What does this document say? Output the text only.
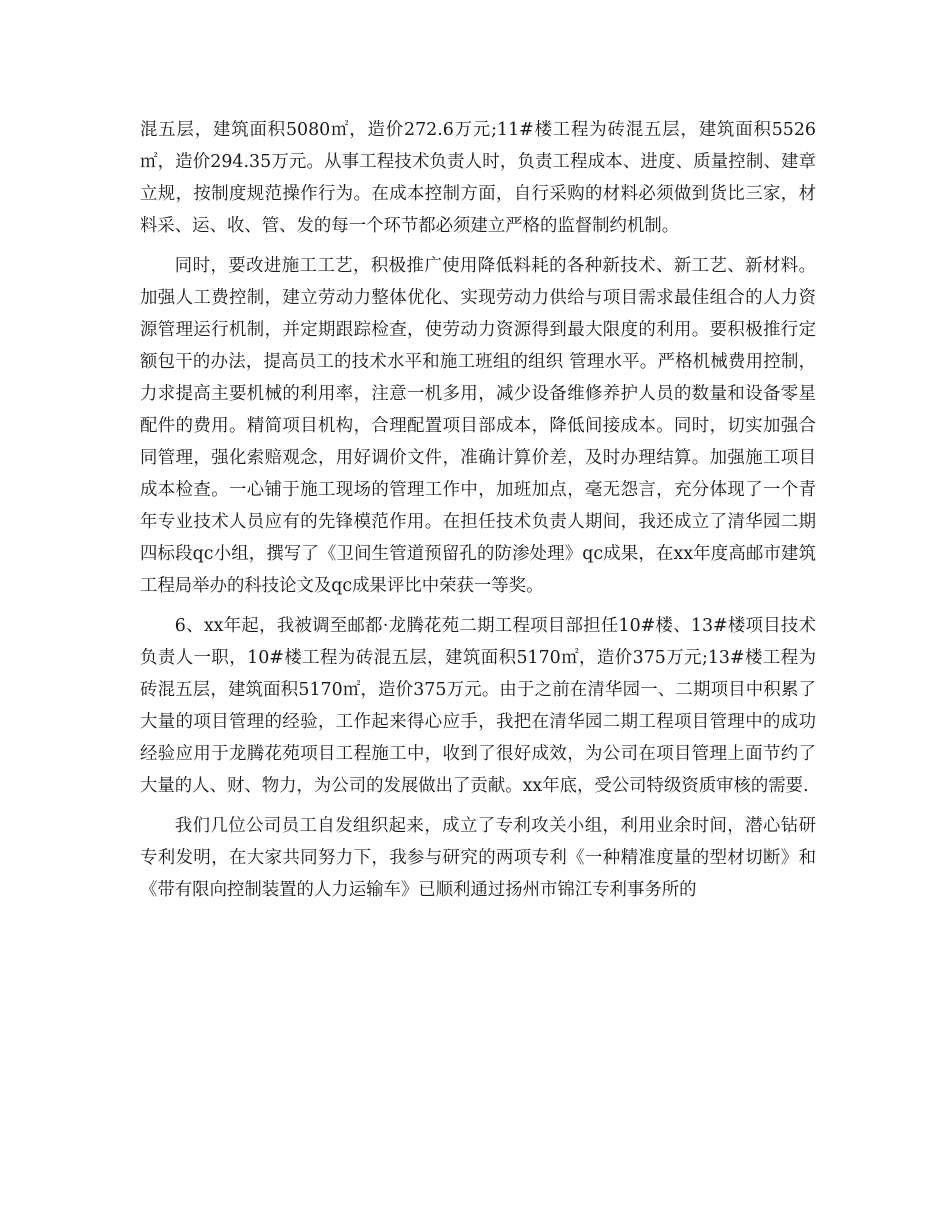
混五层，建筑面积5080㎡，造价272.6万元;11#楼工程为砖混五层，建筑面积5526㎡，造价294.35万元。从事工程技术负责人时，负责工程成本、进度、质量控制、建章立规，按制度规范操作行为。在成本控制方面，自行采购的材料必须做到货比三家，材料采、运、收、管、发的每一个环节都必须建立严格的监督制约机制。

同时，要改进施工工艺，积极推广使用降低料耗的各种新技术、新工艺、新材料。加强人工费控制，建立劳动力整体优化、实现劳动力供给与项目需求最佳组合的人力资源管理运行机制，并定期跟踪检查，使劳动力资源得到最大限度的利用。要积极推行定额包干的办法，提高员工的技术水平和施工班组的组织 管理水平。严格机械费用控制，力求提高主要机械的利用率，注意一机多用，减少设备维修养护人员的数量和设备零星配件的费用。精简项目机构，合理配置项目部成本，降低间接成本。同时，切实加强合同管理，强化索赔观念，用好调价文件，准确计算价差，及时办理结算。加强施工项目成本检查。一心铺于施工现场的管理工作中，加班加点，毫无怨言，充分体现了一个青年专业技术人员应有的先锋模范作用。在担任技术负责人期间，我还成立了清华园二期四标段qc小组，撰写了《卫间生管道预留孔的防渗处理》qc成果，在xx年度高邮市建筑工程局举办的科技论文及qc成果评比中荣获一等奖。

6、xx年起，我被调至邮都·龙腾花苑二期工程项目部担任10#楼、13#楼项目技术负责人一职，10#楼工程为砖混五层，建筑面积5170㎡，造价375万元;13#楼工程为砖混五层，建筑面积5170㎡，造价375万元。由于之前在清华园一、二期项目中积累了大量的项目管理的经验，工作起来得心应手，我把在清华园二期工程项目管理中的成功经验应用于龙腾花苑项目工程施工中，收到了很好成效，为公司在项目管理上面节约了大量的人、财、物力，为公司的发展做出了贡献。xx年底，受公司特级资质审核的需要.

我们几位公司员工自发组织起来，成立了专利攻关小组，利用业余时间，潜心钻研专利发明，在大家共同努力下，我参与研究的两项专利《一种精准度量的型材切断》和《带有限向控制装置的人力运输车》已顺利通过扬州市锦江专利事务所的
